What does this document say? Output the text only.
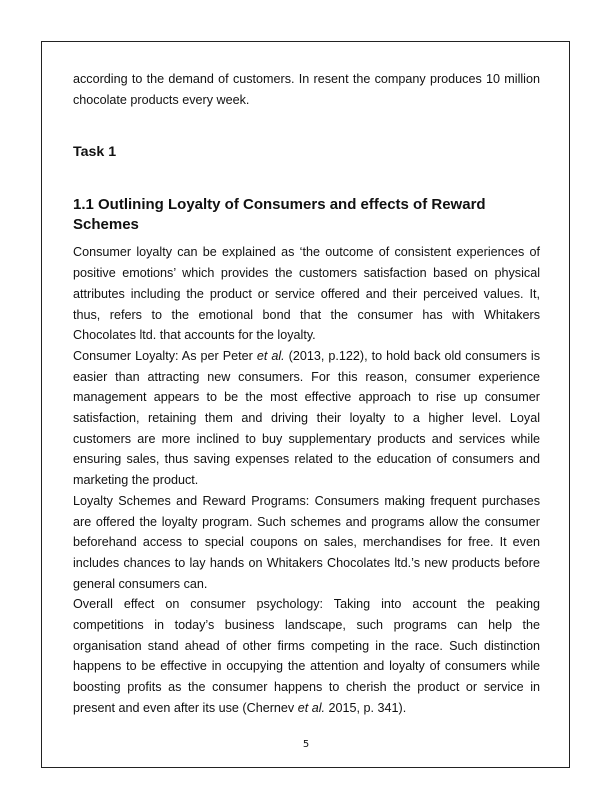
according to the demand of customers. In resent the company produces 10 million chocolate products every week.

Task 1
1.1 Outlining Loyalty of Consumers and effects of Reward Schemes

Consumer loyalty can be explained as ‘the outcome of consistent experiences of positive emotions’ which provides the customers satisfaction based on physical attributes including the product or service offered and their perceived values. It, thus, refers to the emotional bond that the consumer has with Whitakers Chocolates ltd. that accounts for the loyalty.

Consumer Loyalty: As per Peter et al. (2013, p.122), to hold back old consumers is easier than attracting new consumers. For this reason, consumer experience management appears to be the most effective approach to rise up consumer satisfaction, retaining them and driving their loyalty to a higher level. Loyal customers are more inclined to buy supplementary products and services while ensuring sales, thus saving expenses related to the education of consumers and marketing the product.

Loyalty Schemes and Reward Programs: Consumers making frequent purchases are offered the loyalty program. Such schemes and programs allow the consumer beforehand access to special coupons on sales, merchandises for free. It even includes chances to lay hands on Whitakers Chocolates ltd.’s new products before general consumers can.

Overall effect on consumer psychology: Taking into account the peaking competitions in today’s business landscape, such programs can help the organisation stand ahead of other firms competing in the race. Such distinction happens to be effective in occupying the attention and loyalty of consumers while boosting profits as the consumer happens to cherish the product or service in present and even after its use (Chernev et al. 2015, p. 341).

5
